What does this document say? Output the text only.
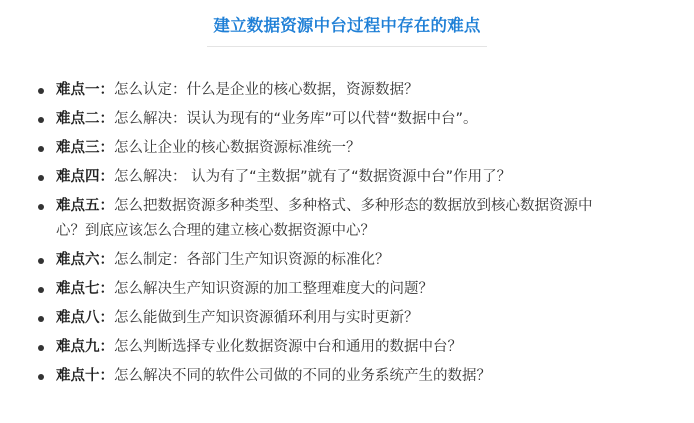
建立数据资源中台过程中存在的难点
难点一：怎么认定：什么是企业的核心数据，资源数据？
难点二：怎么解决：误认为现有的“业务库”可以代替“数据中台”。
难点三：怎么让企业的核心数据资源标准统一？
难点四：怎么解决： 认为有了“主数据”就有了“数据资源中台”作用了？
难点五：怎么把数据资源多种类型、多种格式、多种形态的数据放到核心数据资源中心？到底应该怎么合理的建立核心数据资源中心？
难点六：怎么制定：各部门生产知识资源的标准化？
难点七：怎么解决生产知识资源的加工整理难度大的问题？
难点八：怎么能做到生产知识资源循环利用与实时更新？
难点九：怎么判断选择专业化数据资源中台和通用的数据中台？
难点十：怎么解决不同的软件公司做的不同的业务系统产生的数据？
